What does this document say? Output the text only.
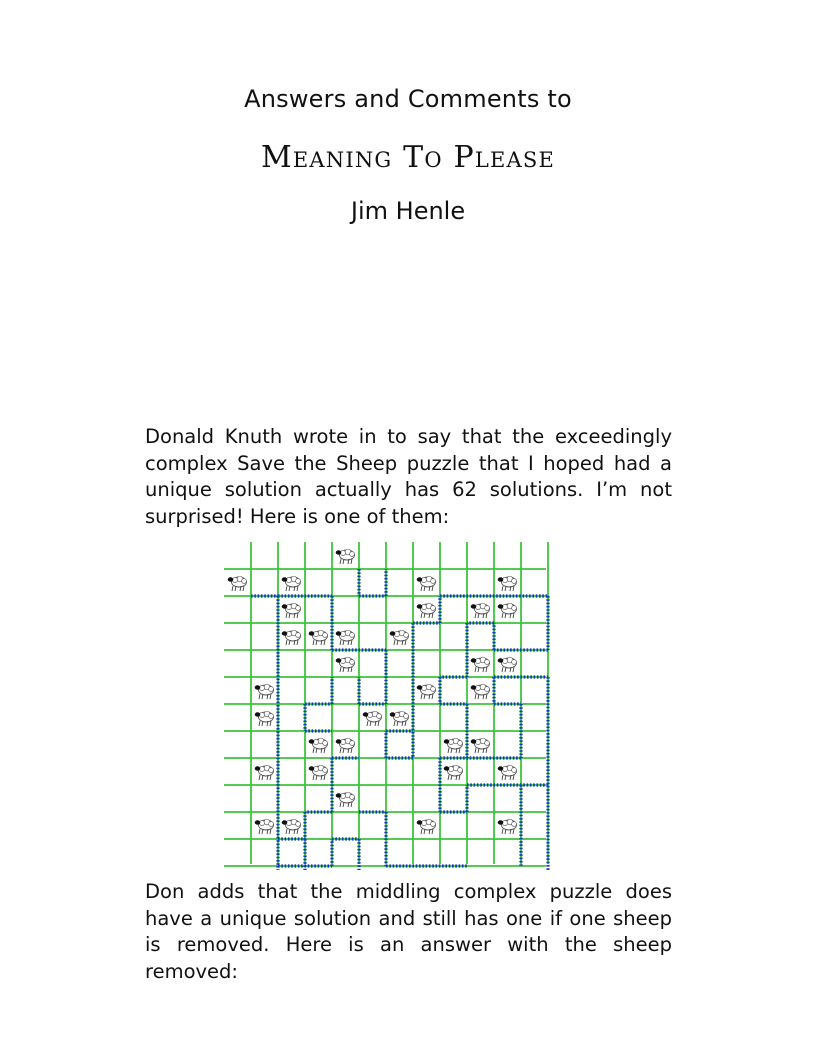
Answers and Comments to
Meaning To Please
Jim Henle
Donald Knuth wrote in to say that the exceedingly complex Save the Sheep puzzle that I hoped had a unique solution actually has 62 solutions. I’m not surprised! Here is one of them:
Don adds that the middling complex puzzle does have a unique solution and still has one if one sheep is removed. Here is an answer with the sheep removed:
